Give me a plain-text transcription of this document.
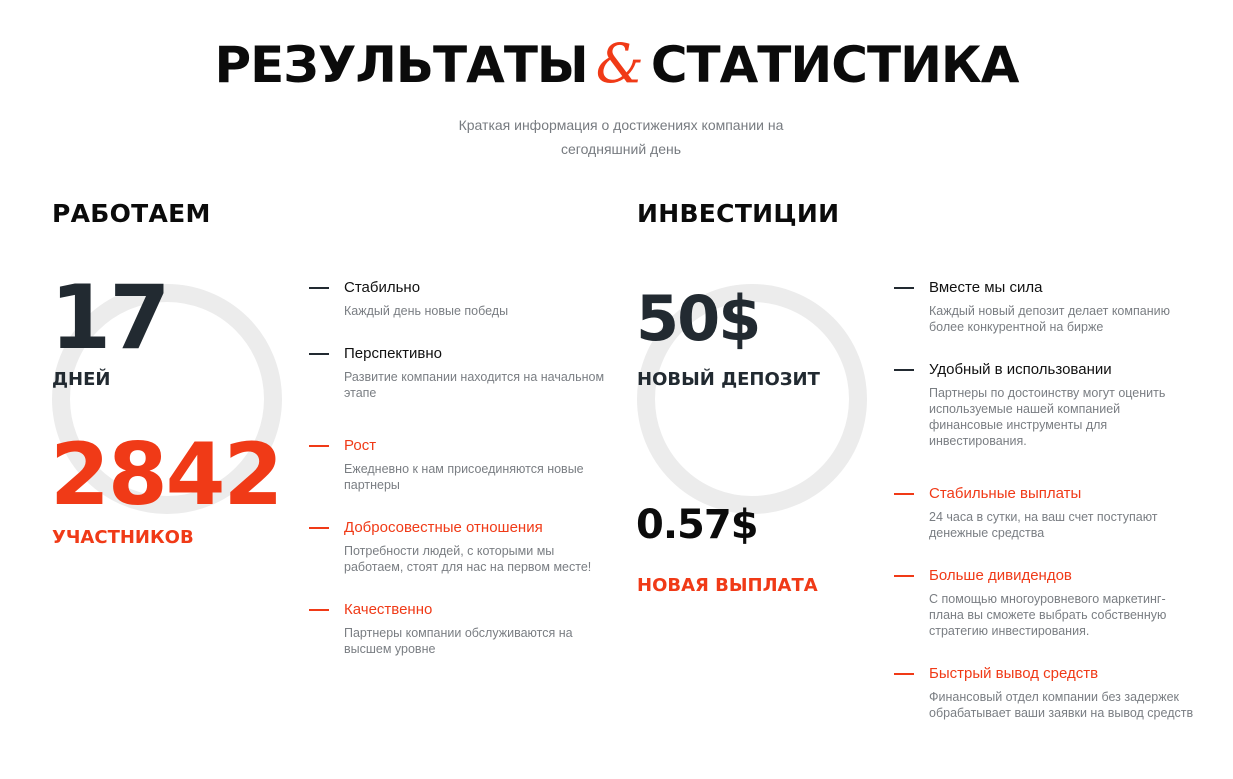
РЕЗУЛЬТАТЫ & СТАТИСТИКА
Краткая информация о достижениях компании на сегодняшний день
РАБОТАЕМ
17
ДНЕЙ
2842
УЧАСТНИКОВ
Стабильно
Каждый день новые победы
Перспективно
Развитие компании находится на начальном этапе
Рост
Ежедневно к нам присоединяются новые партнеры
Добросовестные отношения
Потребности людей, с которыми мы работаем, стоят для нас на первом месте!
Качественно
Партнеры компании обслуживаются на высшем уровне
ИНВЕСТИЦИИ
50$
НОВЫЙ ДЕПОЗИТ
0.57$
НОВАЯ ВЫПЛАТА
Вместе мы сила
Каждый новый депозит делает компанию более конкурентной на бирже
Удобный в использовании
Партнеры по достоинству могут оценить используемые нашей компанией финансовые инструменты для инвестирования.
Стабильные выплаты
24 часа в сутки, на ваш счет поступают денежные средства
Больше дивидендов
С помощью многоуровневого маркетинг-плана вы сможете выбрать собственную стратегию инвестирования.
Быстрый вывод средств
Финансовый отдел компании без задержек обрабатывает ваши заявки на вывод средств
